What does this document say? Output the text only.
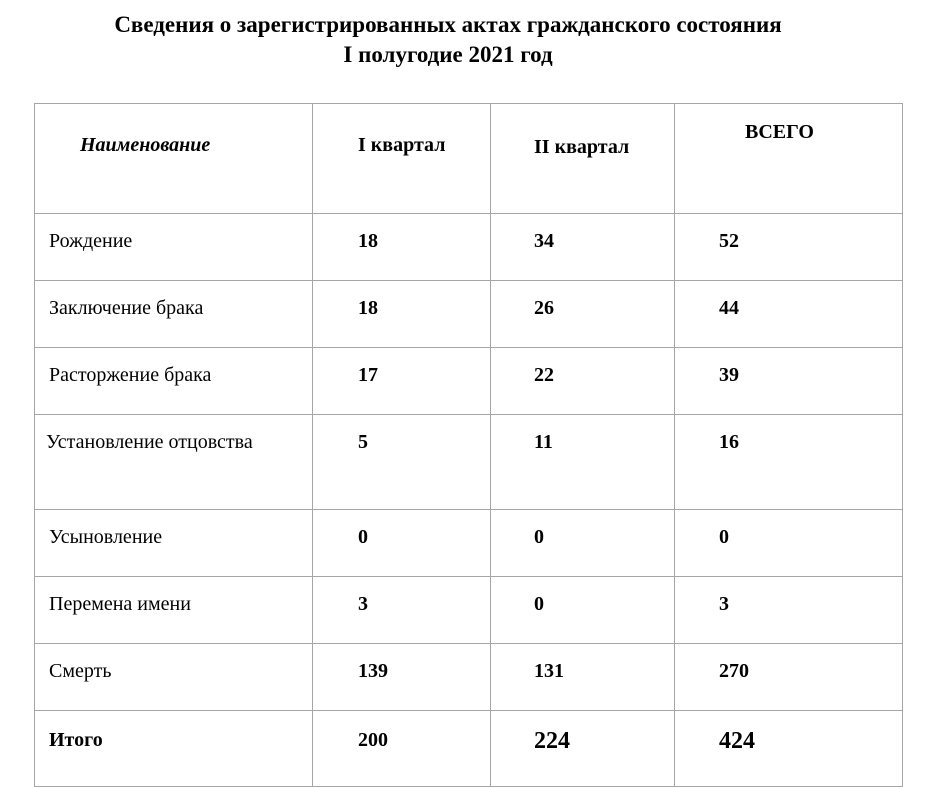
Сведения о зарегистрированных актах гражданского состояния
I полугодие 2021 год
Наименование	I квартал	II квартал	ВСЕГО
Рождение	18	34	52
Заключение брака	18	26	44
Расторжение брака	17	22	39
Установление отцовства	5	11	16
Усыновление	0	0	0
Перемена имени	3	0	3
Смерть	139	131	270
Итого	200	224	424
